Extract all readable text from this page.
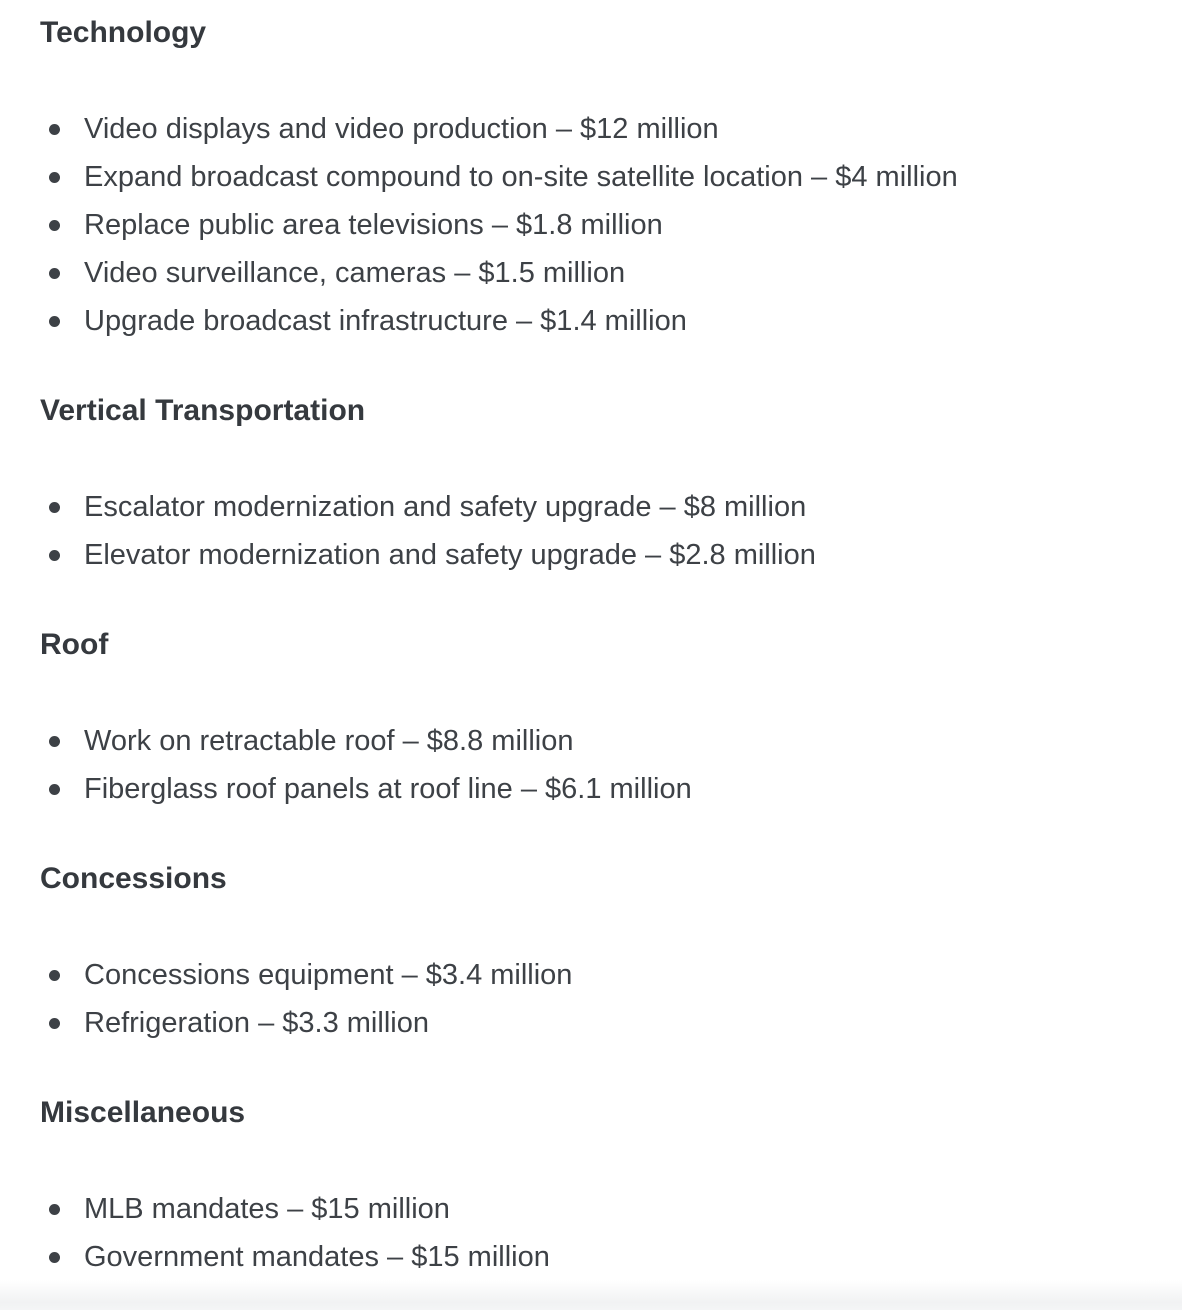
Technology
Video displays and video production – $12 million
Expand broadcast compound to on-site satellite location – $4 million
Replace public area televisions – $1.8 million
Video surveillance, cameras – $1.5 million
Upgrade broadcast infrastructure – $1.4 million
Vertical Transportation
Escalator modernization and safety upgrade – $8 million
Elevator modernization and safety upgrade – $2.8 million
Roof
Work on retractable roof – $8.8 million
Fiberglass roof panels at roof line – $6.1 million
Concessions
Concessions equipment – $3.4 million
Refrigeration – $3.3 million
Miscellaneous
MLB mandates – $15 million
Government mandates – $15 million
